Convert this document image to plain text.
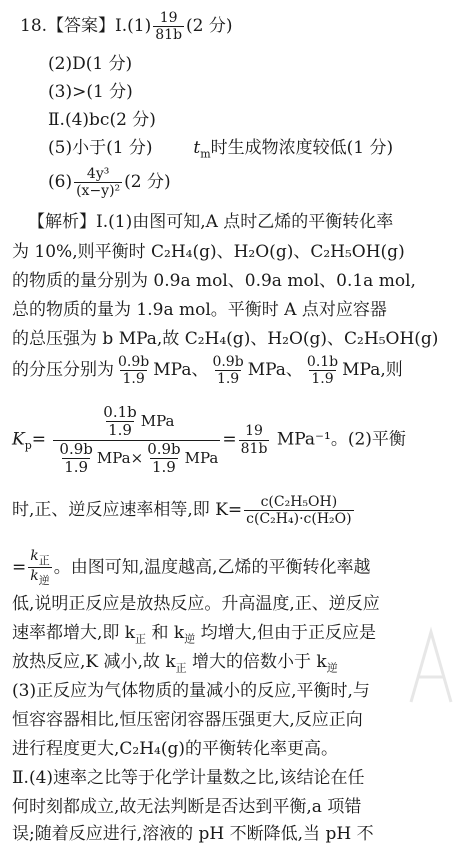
18.【答案】Ⅰ.(1) $\frac{19}{81b} (2$ 分)
(2)D(1 分)
(3)>(1 分)
Ⅱ.(4)bc(2 分)
(5)小于(1 分) $t_m$时生成物浓度较低(1 分)
$(6) \frac{\text{4y³}}{\text{(x−y)²}} (2$ 分)
【解析】Ⅰ.(1)由图可知,A 点时乙烯的平衡转化率
为 10%,则平衡时 C₂H₄(g)、H₂O(g)、C₂H₅OH(g)
的物质的量分别为 0.9a mol、0.9a mol、0.1a mol,
总的物质的量为 1.9a mol。平衡时 A 点对应容器
的总压强为 b MPa,故 C₂H₄(g)、H₂O(g)、C₂H₅OH(g)
的分压分别为 $\frac{0.9b}{1.9}$ MPa、 $\frac{0.9b}{1.9}$ MPa、 $\frac{0.1b}{1.9}$ MPa,则
$K_p= \frac{\frac{0.1b}{1.9} MPa}{\frac{0.9b}{1.9} MPa\times \frac{0.9b}{1.9} MPa} = \frac{19}{81b} MPa^{-1}$。(2)平衡
时,正、逆反应速率相等,即 $K= \frac{\text{c(C₂H₅OH)}}{\text{c(C₂H₄)·c(H₂O)}}$
= $\frac{k_正}{k_逆}$ 。由图可知,温度越高,乙烯的平衡转化率越
低,说明正反应是放热反应。升高温度,正、逆反应
速率都增大,即 $k_正$ 和 $k_逆$ 均增大,但由于正反应是
放热反应,K 减小,故 $k_正$ 增大的倍数小于 $k_逆$
(3)正反应为气体物质的量减小的反应,平衡时,与
恒容容器相比,恒压密闭容器压强更大,反应正向
进行程度更大,C₂H₄(g)的平衡转化率更高。
Ⅱ.(4)速率之比等于化学计量数之比,该结论在任
何时刻都成立,故无法判断是否达到平衡,a 项错
误;随着反应进行,溶液的 pH 不断降低,当 pH 不
